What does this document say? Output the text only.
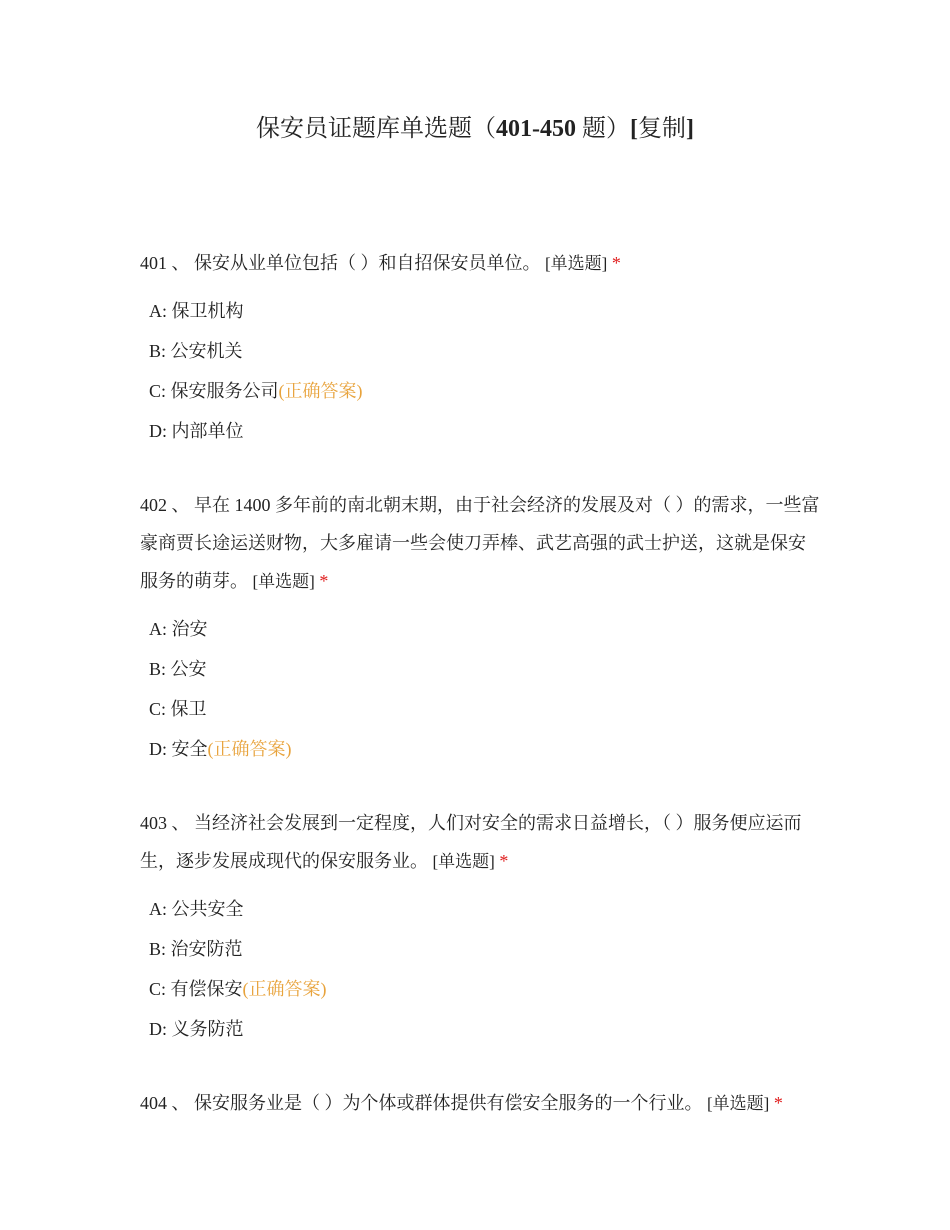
保安员证题库单选题（401-450 题）[复制]
401 、 保安从业单位包括（ ）和自招保安员单位。 [单选题] *
A: 保卫机构
B: 公安机关
C: 保安服务公司(正确答案)
D: 内部单位
402 、 早在 1400 多年前的南北朝末期，由于社会经济的发展及对（ ）的需求，一些富豪商贾长途运送财物，大多雇请一些会使刀弄棒、武艺高强的武士护送，这就是保安服务的萌芽。 [单选题] *
A: 治安
B: 公安
C: 保卫
D: 安全(正确答案)
403 、 当经济社会发展到一定程度，人们对安全的需求日益增长，（ ）服务便应运而生，逐步发展成现代的保安服务业。 [单选题] *
A: 公共安全
B: 治安防范
C: 有偿保安(正确答案)
D: 义务防范
404 、 保安服务业是（ ）为个体或群体提供有偿安全服务的一个行业。 [单选题] *
